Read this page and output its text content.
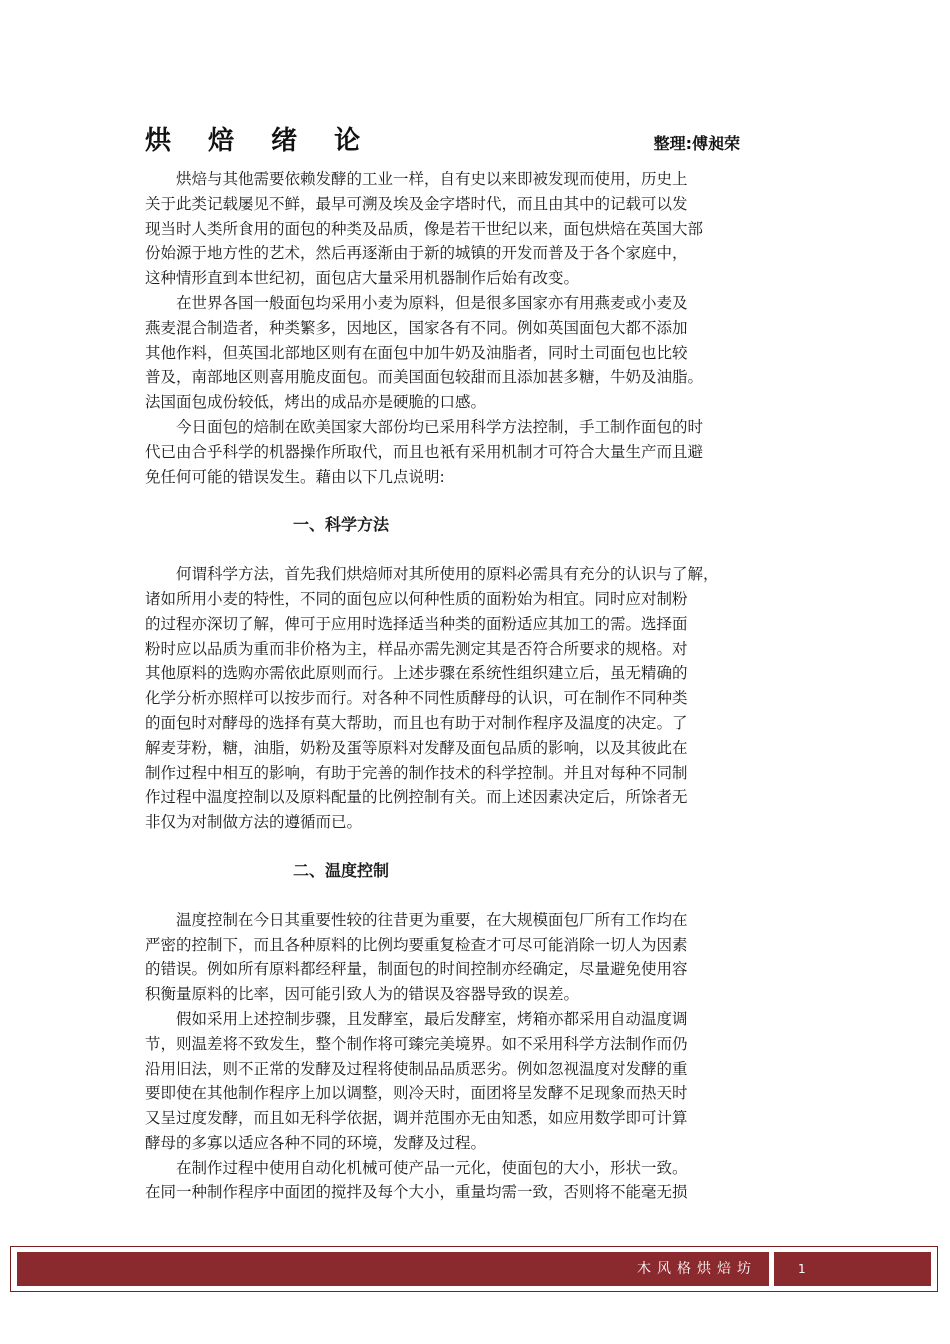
烘 焙 绪 论	整理:傅昶荣

烘焙与其他需要依赖发酵的工业一样，自有史以来即被发现而使用，历史上
关于此类记载屡见不鲜，最早可溯及埃及金字塔时代，而且由其中的记载可以发
现当时人类所食用的面包的种类及品质，像是若干世纪以来，面包烘焙在英国大部
份始源于地方性的艺术，然后再逐渐由于新的城镇的开发而普及于各个家庭中，
这种情形直到本世纪初，面包店大量采用机器制作后始有改变。

在世界各国一般面包均采用小麦为原料，但是很多国家亦有用燕麦或小麦及
燕麦混合制造者，种类繁多，因地区，国家各有不同。例如英国面包大都不添加
其他作料，但英国北部地区则有在面包中加牛奶及油脂者，同时土司面包也比较
普及，南部地区则喜用脆皮面包。而美国面包较甜而且添加甚多糖，牛奶及油脂。
法国面包成份较低，烤出的成品亦是硬脆的口感。

今日面包的焙制在欧美国家大部份均已采用科学方法控制，手工制作面包的时
代已由合乎科学的机器操作所取代，而且也衹有采用机制才可符合大量生产而且避
免任何可能的错误发生。藉由以下几点说明:

一、科学方法

何谓科学方法，首先我们烘焙师对其所使用的原料必需具有充分的认识与了解，
诸如所用小麦的特性，不同的面包应以何种性质的面粉始为相宜。同时应对制粉
的过程亦深切了解，俾可于应用时选择适当种类的面粉适应其加工的需。选择面
粉时应以品质为重而非价格为主，样品亦需先测定其是否符合所要求的规格。对
其他原料的选购亦需依此原则而行。上述步骤在系统性组织建立后，虽无精确的
化学分析亦照样可以按步而行。对各种不同性质酵母的认识，可在制作不同种类
的面包时对酵母的选择有莫大帮助，而且也有助于对制作程序及温度的决定。了
解麦芽粉，糖，油脂，奶粉及蛋等原料对发酵及面包品质的影响，以及其彼此在
制作过程中相互的影响，有助于完善的制作技术的科学控制。并且对每种不同制
作过程中温度控制以及原料配量的比例控制有关。而上述因素决定后，所馀者无
非仅为对制做方法的遵循而已。

二、温度控制

温度控制在今日其重要性较的往昔更为重要，在大规模面包厂所有工作均在
严密的控制下，而且各种原料的比例均要重复检查才可尽可能消除一切人为因素
的错误。例如所有原料都经秤量，制面包的时间控制亦经确定，尽量避免使用容
积衡量原料的比率，因可能引致人为的错误及容器导致的误差。

假如采用上述控制步骤，且发酵室，最后发酵室，烤箱亦都采用自动温度调
节，则温差将不致发生，整个制作将可臻完美境界。如不采用科学方法制作而仍
沿用旧法，则不正常的发酵及过程将使制品品质恶劣。例如忽视温度对发酵的重
要即使在其他制作程序上加以调整，则冷天时，面团将呈发酵不足现象而热天时
又呈过度发酵，而且如无科学依据，调并范围亦无由知悉，如应用数学即可计算
酵母的多寡以适应各种不同的环境，发酵及过程。

在制作过程中使用自动化机械可使产品一元化，使面包的大小，形状一致。
在同一种制作程序中面团的搅拌及每个大小，重量均需一致，否则将不能毫无损

木风格烘焙坊	1
